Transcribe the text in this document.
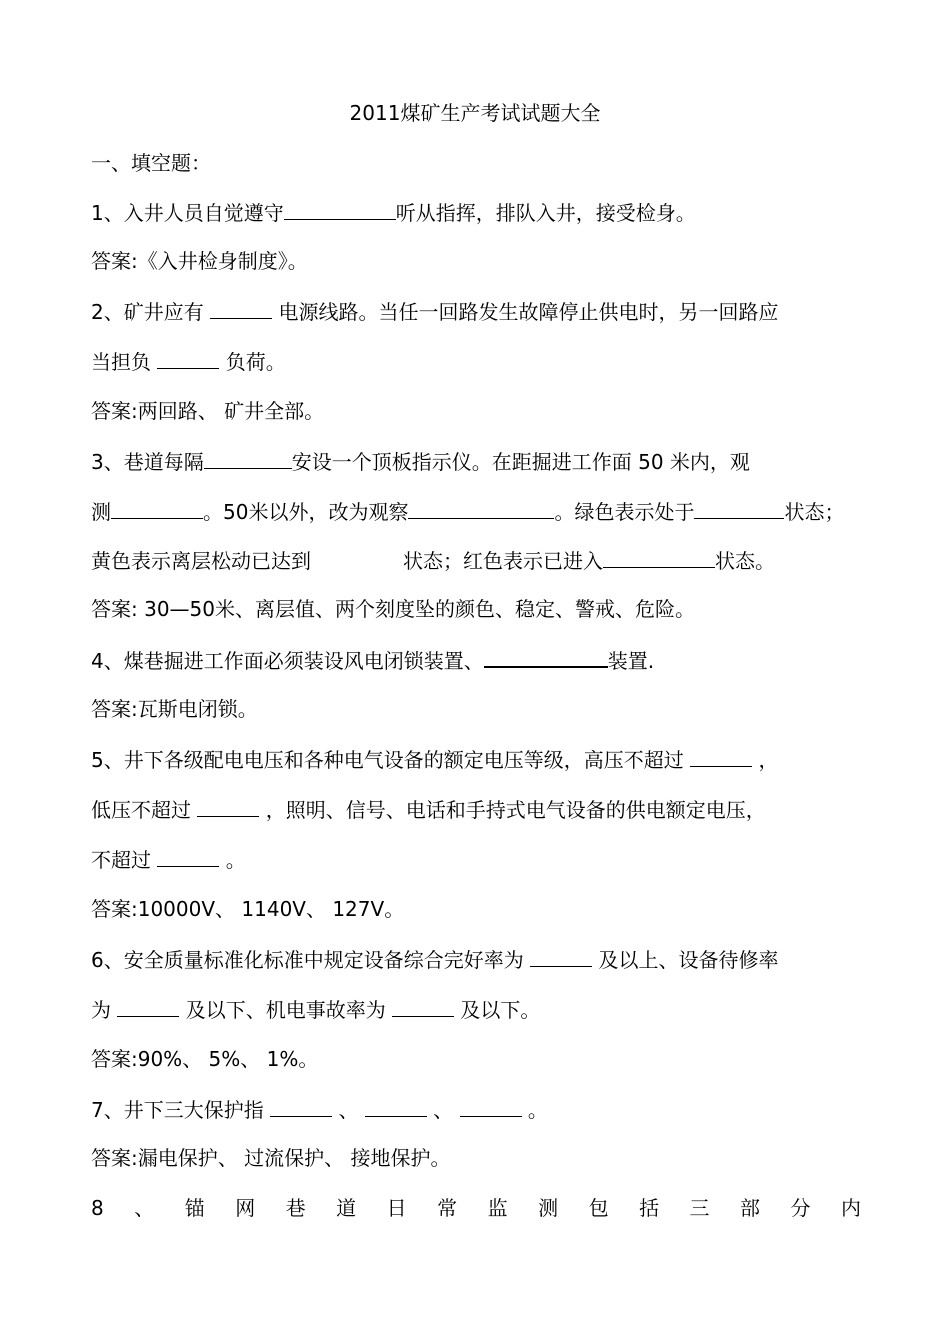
2011煤矿生产考试试题大全
一、填空题：
1、入井人员自觉遵守	听从指挥，排队入井，接受检身。
答案:《入井检身制度》。
2、矿井应有	电源线路。当任一回路发生故障停止供电时，另一回路应
当担负	负荷。
答案:两回路、 矿井全部。
3、巷道每隔	安设一个顶板指示仪。在距掘进工作面 50 米内，观
测	。50米以外，改为观察	。绿色表示处于	状态；
黄色表示离层松动已达到	状态；红色表示已进入	状态。
答案: 30—50米、离层值、两个刻度坠的颜色、稳定、警戒、危险。
4、煤巷掘进工作面必须装设风电闭锁装置、	装置.
答案:瓦斯电闭锁。
5、井下各级配电电压和各种电气设备的额定电压等级，高压不超过	，
低压不超过	，照明、信号、电话和手持式电气设备的供电额定电压，
不超过	。
答案:10000V、 1140V、 127V。
6、安全质量标准化标准中规定设备综合完好率为	及以上、设备待修率
为	及以下、机电事故率为	及以下。
答案:90%、 5%、 1%。
7、井下三大保护指	、	、	。
答案:漏电保护、 过流保护、 接地保护。
8 、 锚 网 巷 道 日 常 监 测 包 括 三 部 分 内
